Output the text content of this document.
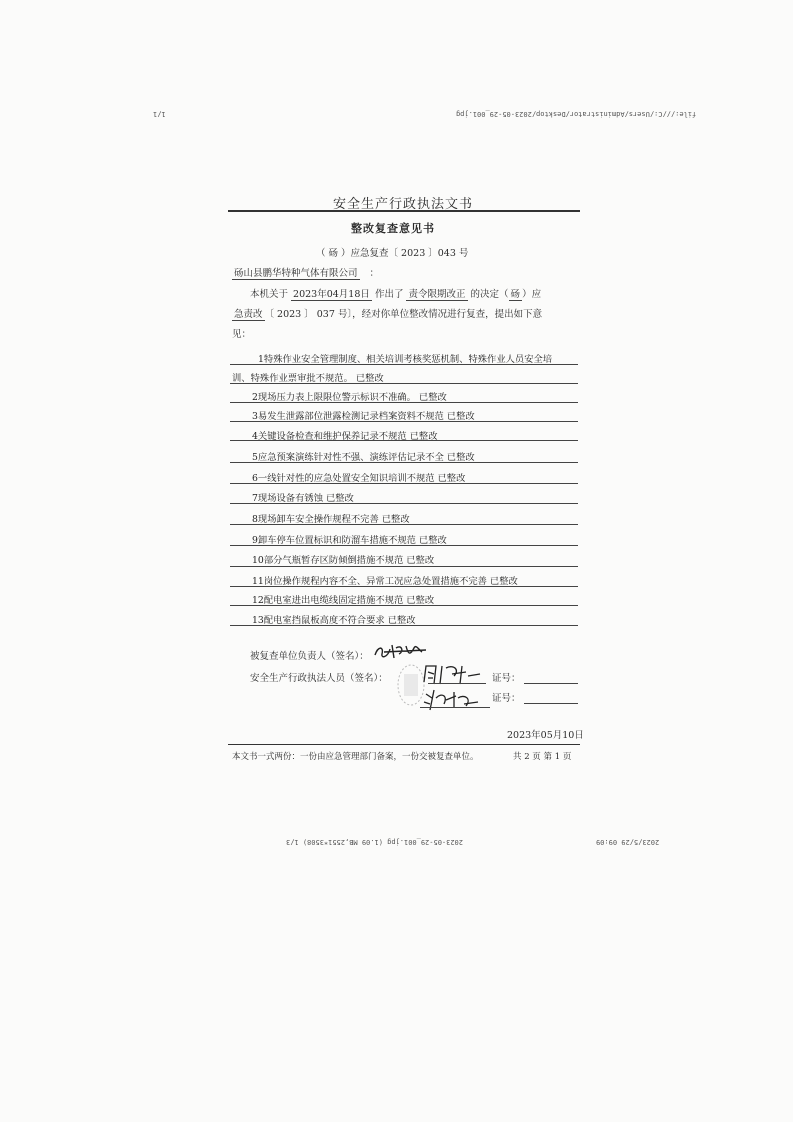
1/1	file:///C:/Users/Administrator/Desktop/2023-05-29_001.jpg
安全生产行政执法文书
整改复查意见书
（ 砀 ）应急复查〔 2023 〕043 号
砀山县鹏华特种气体有限公司 ：
本机关于 2023年04月18日 作出了 责令限期改正 的决定（ 砀 ）应
急责改 〔 2023 〕 037 号〕，经对你单位整改情况进行复查，提出如下意
见：
1特殊作业安全管理制度、相关培训考核奖惩机制、特殊作业人员安全培
训、特殊作业票审批不规范。 已整改
2现场压力表上限限位警示标识不准确。 已整改
3易发生泄露部位泄露检测记录档案资料不规范 已整改
4关键设备检查和维护保养记录不规范 已整改
5应急预案演练针对性不强、演练评估记录不全 已整改
6一线针对性的应急处置安全知识培训不规范 已整改
7现场设备有锈蚀 已整改
8现场卸车安全操作规程不完善 已整改
9卸车停车位置标识和防溜车措施不规范 已整改
10部分气瓶暂存区防倾倒措施不规范 已整改
11岗位操作规程内容不全、异常工况应急处置措施不完善 已整改
12配电室进出电缆线固定措施不规范 已整改
13配电室挡鼠板高度不符合要求 已整改
被复查单位负责人（签名）：
安全生产行政执法人员（签名）：	证号：
证号：
2023年05月10日
本文书一式两份：一份由应急管理部门备案，一份交被复查单位。	共 2 页 第 1 页
2023-05-29_001.jpg (1.09 MB,2551*3508) 1/3	2023/5/29 09:09
